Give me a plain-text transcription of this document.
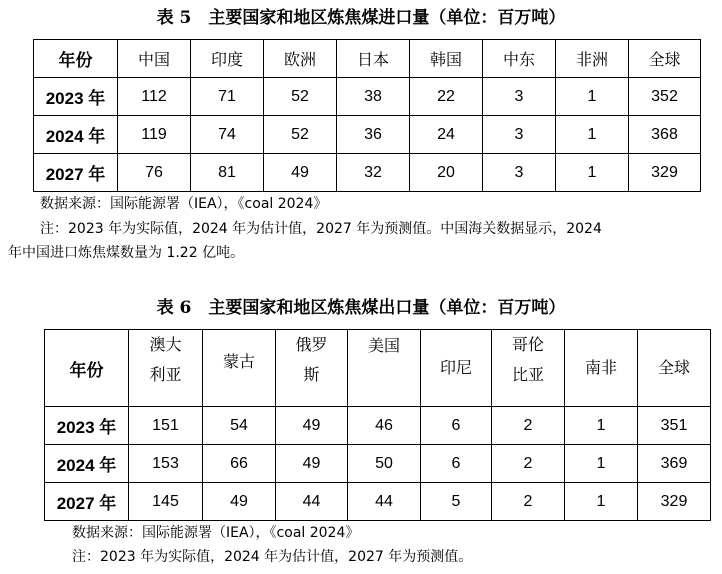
表 5　主要国家和地区炼焦煤进口量（单位：百万吨）
年份	中国	印度	欧洲	日本	韩国	中东	非洲	全球
2023 年	112	71	52	38	22	3	1	352
2024 年	119	74	52	36	24	3	1	368
2027 年	76	81	49	32	20	3	1	329
数据来源：国际能源署（IEA），《coal 2024》
注：2023 年为实际值，2024 年为估计值，2027 年为预测值。中国海关数据显示，2024
年中国进口炼焦煤数量为 1.22 亿吨。
表 6　主要国家和地区炼焦煤出口量（单位：百万吨）
年份	澳大利亚	蒙古	俄罗斯	美国	印尼	哥伦比亚	南非	全球
2023 年	151	54	49	46	6	2	1	351
2024 年	153	66	49	50	6	2	1	369
2027 年	145	49	44	44	5	2	1	329
数据来源：国际能源署（IEA），《coal 2024》
注：2023 年为实际值，2024 年为估计值，2027 年为预测值。
